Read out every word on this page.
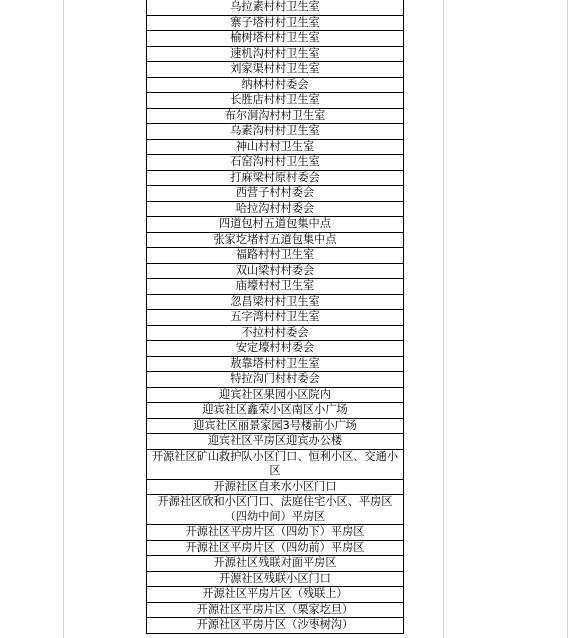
乌拉素村村卫生室
寨子塔村村卫生室
榆树塔村村卫生室
速机沟村村卫生室
刘家渠村村卫生室
纳林村村委会
长胜店村村卫生室
布尔洞沟村村卫生室
乌素沟村村卫生室
神山村村卫生室
石窑沟村村卫生室
打麻梁村原村委会
西营子村村委会
哈拉沟村村委会
四道包村五道包集中点
张家圪堵村五道包集中点
福路村村卫生室
双山梁村村委会
庙壕村村卫生室
忽昌梁村村卫生室
五字湾村村卫生室
不拉村村委会
安定壕村村委会
敖靠塔村村卫生室
特拉沟门村村委会
迎宾社区果园小区院内
迎宾社区鑫荣小区南区小广场
迎宾社区丽景家园3号楼前小广场
迎宾社区平房区迎宾办公楼
开源社区矿山救护队小区门口、恒利小区、交通小区
开源社区自来水小区门口
开源社区欣和小区门口、法庭住宅小区、平房区（四幼中间）平房区
开源社区平房片区（四幼下）平房区
开源社区平房片区（四幼前）平房区
开源社区残联对面平房区
开源社区残联小区门口
开源社区平房片区（残联上）
开源社区平房片区（栗家圪旦）
开源社区平房片区（沙枣树沟）
